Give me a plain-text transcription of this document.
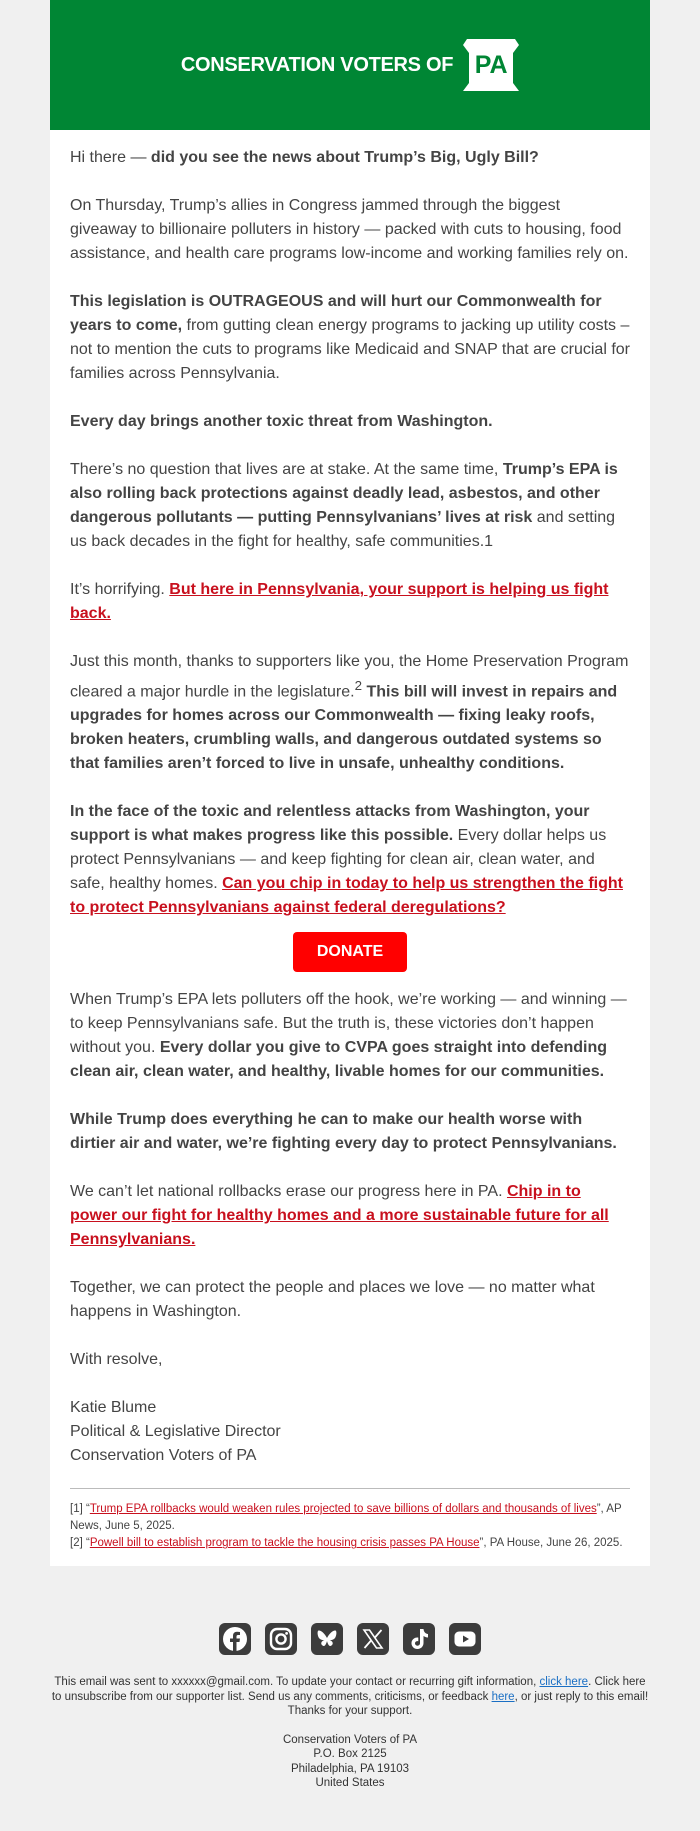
CONSERVATION VOTERS OF PA

Hi there — did you see the news about Trump’s Big, Ugly Bill?

On Thursday, Trump’s allies in Congress jammed through the biggest giveaway to billionaire polluters in history — packed with cuts to housing, food assistance, and health care programs low-income and working families rely on.

This legislation is OUTRAGEOUS and will hurt our Commonwealth for years to come, from gutting clean energy programs to jacking up utility costs – not to mention the cuts to programs like Medicaid and SNAP that are crucial for families across Pennsylvania.

Every day brings another toxic threat from Washington.

There’s no question that lives are at stake. At the same time, Trump’s EPA is also rolling back protections against deadly lead, asbestos, and other dangerous pollutants — putting Pennsylvanians’ lives at risk and setting us back decades in the fight for healthy, safe communities.1

It’s horrifying. But here in Pennsylvania, your support is helping us fight back.

Just this month, thanks to supporters like you, the Home Preservation Program cleared a major hurdle in the legislature.$^2$ This bill will invest in repairs and upgrades for homes across our Commonwealth — fixing leaky roofs, broken heaters, crumbling walls, and dangerous outdated systems so that families aren’t forced to live in unsafe, unhealthy conditions.

In the face of the toxic and relentless attacks from Washington, your support is what makes progress like this possible. Every dollar helps us protect Pennsylvanians — and keep fighting for clean air, clean water, and safe, healthy homes. Can you chip in today to help us strengthen the fight to protect Pennsylvanians against federal deregulations?

DONATE

When Trump’s EPA lets polluters off the hook, we’re working — and winning — to keep Pennsylvanians safe. But the truth is, these victories don’t happen without you. Every dollar you give to CVPA goes straight into defending clean air, clean water, and healthy, livable homes for our communities.

While Trump does everything he can to make our health worse with dirtier air and water, we’re fighting every day to protect Pennsylvanians.

We can’t let national rollbacks erase our progress here in PA. Chip in to power our fight for healthy homes and a more sustainable future for all Pennsylvanians.

Together, we can protect the people and places we love — no matter what happens in Washington.

With resolve,

Katie Blume

Political & Legislative Director

Conservation Voters of PA

[1] “Trump EPA rollbacks would weaken rules projected to save billions of dollars and thousands of lives”, AP News, June 5, 2025.
[2] “Powell bill to establish program to tackle the housing crisis passes PA House”, PA House, June 26, 2025.
This email was sent to xxxxxx@gmail.com. To update your contact or recurring gift information, click here. Click here to unsubscribe from our supporter list. Send us any comments, criticisms, or feedback here, or just reply to this email! Thanks for your support.
Conservation Voters of PA
P.O. Box 2125
Philadelphia, PA 19103
United States
